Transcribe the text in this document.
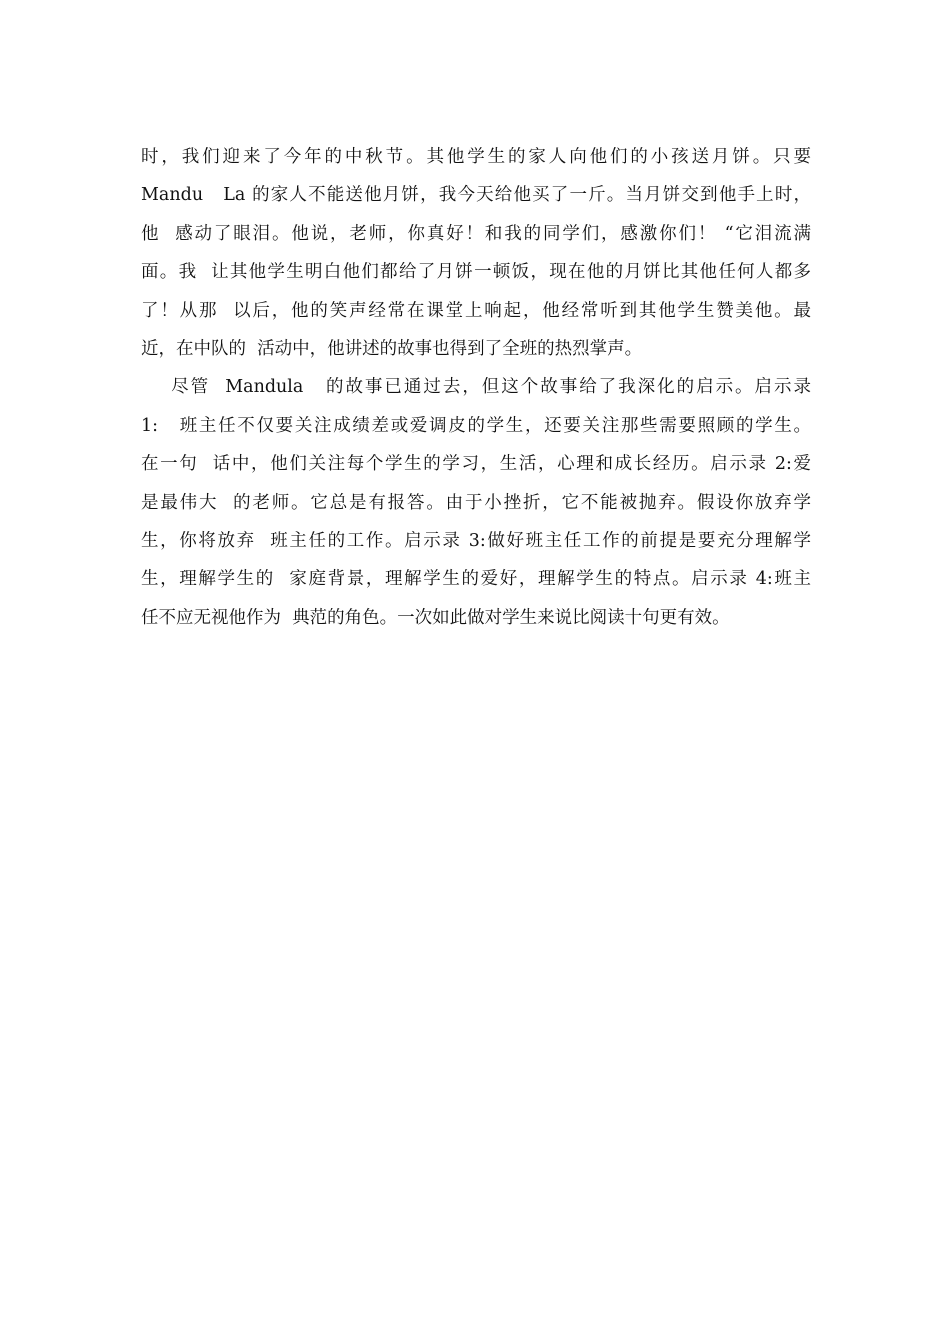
时，我们迎来了今年的中秋节。其他学生的家人向他们的小孩送月饼。只要
Mandu   La 的家人不能送他月饼，我今天给他买了一斤。当月饼交到他手上时，
他  感动了眼泪。他说，老师，你真好！和我的同学们，感激你们！ “它泪流满
面。我  让其他学生明白他们都给了月饼一顿饭，现在他的月饼比其他任何人都多
了！从那  以后，他的笑声经常在课堂上响起，他经常听到其他学生赞美他。最
近，在中队的  活动中，他讲述的故事也得到了全班的热烈掌声。
尽管  Mandula   的故事已通过去，但这个故事给了我深化的启示。启示录
1:   班主任不仅要关注成绩差或爱调皮的学生，还要关注那些需要照顾的学生。
在一句  话中，他们关注每个学生的学习，生活，心理和成长经历。启示录 2:爱
是最伟大  的老师。它总是有报答。由于小挫折，它不能被抛弃。假设你放弃学
生，你将放弃  班主任的工作。启示录 3:做好班主任工作的前提是要充分理解学
生，理解学生的  家庭背景，理解学生的爱好，理解学生的特点。启示录 4:班主
任不应无视他作为  典范的角色。一次如此做对学生来说比阅读十句更有效。
